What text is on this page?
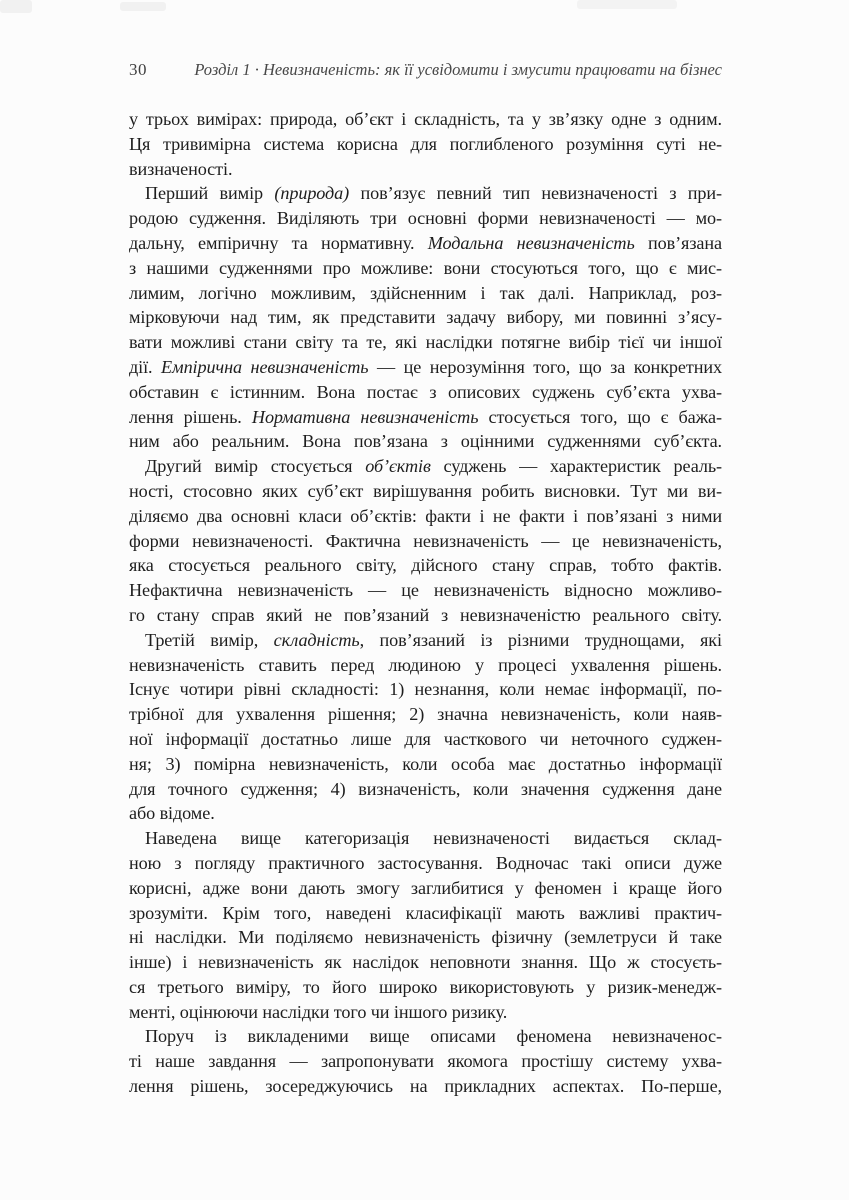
30	Розділ 1 · Невизначеність: як її усвідомити і змусити працювати на бізнес
у трьох вимірах: природа, об’єкт і складність, та у зв’язку одне з одним.
Ця тривимірна система корисна для поглибленого розуміння суті не-
визначеності.
Перший вимір (природа) пов’язує певний тип невизначеності з при-
родою судження. Виділяють три основні форми невизначеності — мо-
дальну, емпіричну та нормативну. Модальна невизначеність пов’язана
з нашими судженнями про можливе: вони стосуються того, що є мис-
лимим, логічно можливим, здійсненним і так далі. Наприклад, роз-
мірковуючи над тим, як представити задачу вибору, ми повинні з’ясу-
вати можливі стани світу та те, які наслідки потягне вибір тієї чи іншої
дії. Емпірична невизначеність — це нерозуміння того, що за конкретних
обставин є істинним. Вона постає з описових суджень суб’єкта ухва-
лення рішень. Нормативна невизначеність стосується того, що є бажа-
ним або реальним. Вона пов’язана з оцінними судженнями суб’єкта.
Другий вимір стосується об’єктів суджень — характеристик реаль-
ності, стосовно яких суб’єкт вирішування робить висновки. Тут ми ви-
діляємо два основні класи об’єктів: факти і не факти і пов’язані з ними
форми невизначеності. Фактична невизначеність — це невизначеність,
яка стосується реального світу, дійсного стану справ, тобто фактів.
Нефактична невизначеність — це невизначеність відносно можливо-
го стану справ який не пов’язаний з невизначеністю реального світу.
Третій вимір, складність, пов’язаний із різними труднощами, які
невизначеність ставить перед людиною у процесі ухвалення рішень.
Існує чотири рівні складності: 1) незнання, коли немає інформації, по-
трібної для ухвалення рішення; 2) значна невизначеність, коли наяв-
ної інформації достатньо лише для часткового чи неточного суджен-
ня; 3) помірна невизначеність, коли особа має достатньо інформації
для точного судження; 4) визначеність, коли значення судження дане
або відоме.
Наведена вище категоризація невизначеності видається склад-
ною з погляду практичного застосування. Водночас такі описи дуже
корисні, адже вони дають змогу заглибитися у феномен і краще його
зрозуміти. Крім того, наведені класифікації мають важливі практич-
ні наслідки. Ми поділяємо невизначеність фізичну (землетруси й таке
інше) і невизначеність як наслідок неповноти знання. Що ж стосуєть-
ся третього виміру, то його широко використовують у ризик-менедж-
менті, оцінюючи наслідки того чи іншого ризику.
Поруч із викладеними вище описами феномена невизначенос-
ті наше завдання — запропонувати якомога простішу систему ухва-
лення рішень, зосереджуючись на прикладних аспектах. По-перше,
